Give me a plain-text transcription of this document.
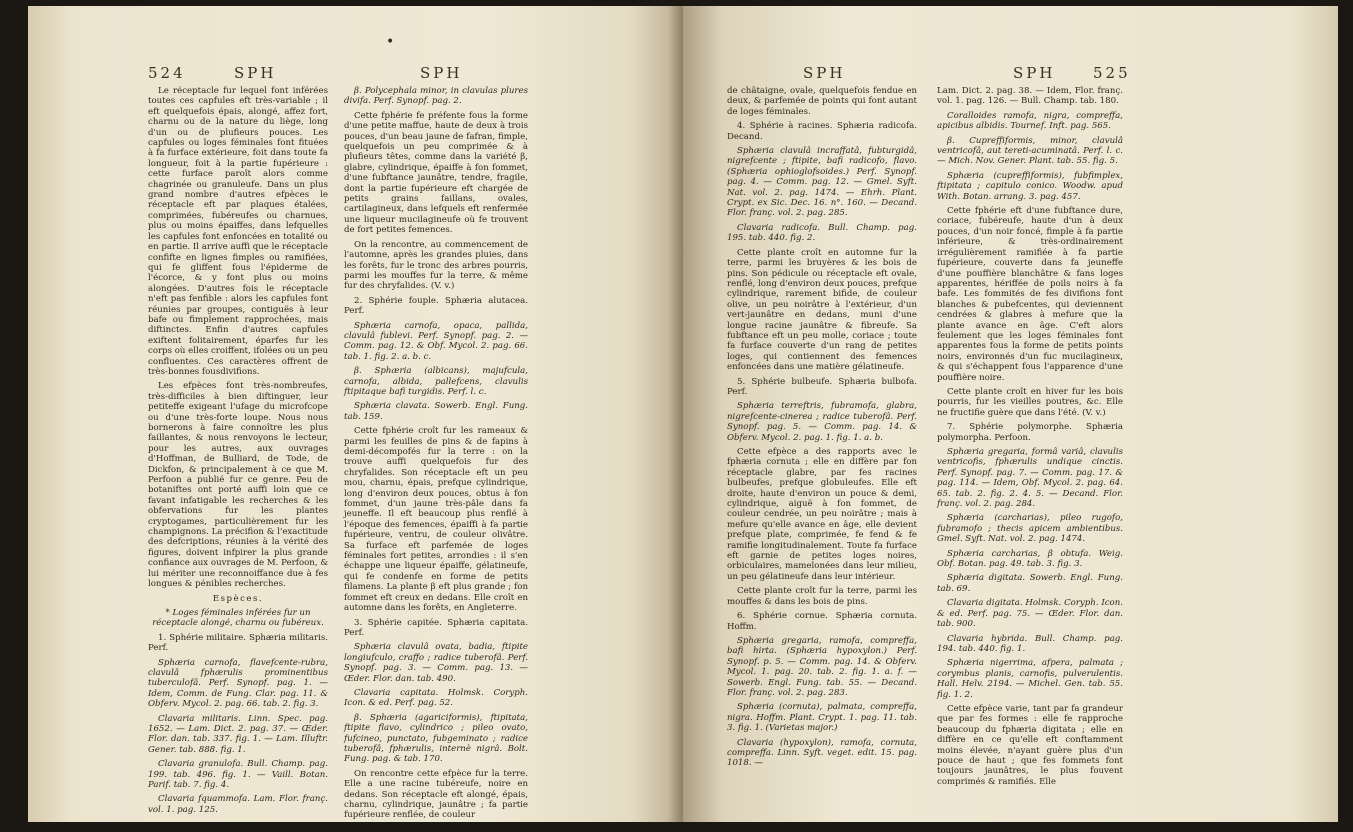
524	SPH	SPH
•

Le réceptacle fur lequel font inférées toutes ces capfules eft très-variable ; il eft quelquefois épais, alongé, affez fort, charnu ou de la nature du liège, long d'un ou de plufieurs pouces. Les capfules ou loges féminales font fituées à fa furface extérieure, foit dans toute fa longueur, foit à la partie fupérieure : cette furface paroît alors comme chagrinée ou granuleufe. Dans un plus grand nombre d'autres efpèces le réceptacle eft par plaques étalées, comprimées, fubéreufes ou charnues, plus ou moins épaiffes, dans lefquelles les capfules font enfoncées en totalité ou en partie. Il arrive auffi que le réceptacle confifte en lignes fimples ou ramifiées, qui fe gliffent fous l'épiderme de l'écorce, & y font plus ou moins alongées. D'autres fois le réceptacle n'eft pas fenfible : alors les capfules font réunies par groupes, contiguës à leur bafe ou fimplement rapprochées, mais diftinctes. Enfin d'autres capfules exiftent folitairement, éparfes fur les corps où elles croiffent, ifolées ou un peu confluentes. Ces caractères offrent de très-bonnes fousdivifions.

Les efpèces font très-nombreufes, très-difficiles à bien diftinguer, leur petiteffe exigeant l'ufage du microfcope ou d'une très-forte loupe. Nous nous bornerons à faire connoître les plus faillantes, & nous renvoyons le lecteur, pour les autres, aux ouvrages d'Hoffman, de Bulliard, de Tode, de Dickfon, & principalement à ce que M. Perfoon a publié fur ce genre. Peu de botaniftes ont porté auffi loin que ce favant infatigable les recherches & les obfervations fur les plantes cryptogames, particulièrement fur les champignons. La précifion & l'exactitude des defcriptions, réunies à la vérité des figures, doivent infpirer la plus grande confiance aux ouvrages de M. Perfoon, & lui mériter une reconnoiffance due à fes longues & pénibles recherches.

Espèces.

* Loges féminales inférées fur un réceptacle alongé, charnu ou fubéreux.

1. Sphérie militaire. Sphæria militaris. Perf.

Sphæria carnofa, flavefcente-rubra, clavulâ fphærulis prominentibus tuberculofâ. Perf. Synopf. pag. 1. — Idem, Comm. de Fung. Clar. pag. 11. & Obferv. Mycol. 2. pag. 66. tab. 2. fig. 3.

Clavaria militaris. Linn. Spec. pag. 1652. — Lam. Dict. 2. pag. 37. — Œder. Flor. dan. tab. 337. fig. 1. — Lam. Illuftr. Gener. tab. 888. fig. 1.

Clavaria granulofa. Bull. Champ. pag. 199. tab. 496. fig. 1. — Vaill. Botan. Parif. tab. 7. fig. 4.

Clavaria fquammofa. Lam. Flor. franç. vol. 1. pag. 125.

β. Polycephala minor, in clavulas plures divifa. Perf. Synopf. pag. 2.

Cette fphérie fe préfente fous la forme d'une petite maffue, haute de deux à trois pouces, d'un beau jaune de fafran, fimple, quelquefois un peu comprimée & à plufieurs têtes, comme dans la variété β, glabre, cylindrique, épaiffe à fon fommet, d'une fubftance jaunâtre, tendre, fragile, dont la partie fupérieure eft chargée de petits grains faillans, ovales, cartilagineux, dans lefquels eft renfermée une liqueur mucilagineufe où fe trouvent de fort petites femences.

On la rencontre, au commencement de l'automne, après les grandes pluies, dans les forêts, fur le tronc des arbres pourris, parmi les mouffes fur la terre, & même fur des chryfalides. (V. v.)

2. Sphérie fouple. Sphæria alutacea. Perf.

Sphæria carnofa, opaca, pallida, clavulâ fublevi. Perf. Synopf. pag. 2. — Comm. pag. 12. & Obf. Mycol. 2. pag. 66. tab. 1. fig. 2. a. b. c.

β. Sphæria (albicans), majufcula, carnofa, albida, pallefcens, clavulis ftipitaque bafi turgidis. Perf. l. c.

Sphæria clavata. Sowerb. Engl. Fung. tab. 159.

Cette fphérie croît fur les rameaux & parmi les feuilles de pins & de fapins à demi-décompofés fur la terre : on la trouve auffi quelquefois fur des chryfalides. Son réceptacle eft un peu mou, charnu, épais, prefque cylindrique, long d'environ deux pouces, obtus à fon fommet, d'un jaune très-pâle dans fa jeuneffe. Il eft beaucoup plus renflé à l'époque des femences, épaiffi à fa partie fupérieure, ventru, de couleur olivâtre. Sa furface eft parfemée de loges féminales fort petites, arrondies : il s'en échappe une liqueur épaiffe, gélatineufe, qui fe condenfe en forme de petits filamens. La plante β eft plus grande ; fon fommet eft creux en dedans. Elle croît en automne dans les forêts, en Angleterre.

3. Sphérie capitée. Sphæria capitata. Perf.

Sphæria clavulâ ovata, badia, ftipite longiufculo, craffo ; radice tuberofâ. Perf. Synopf. pag. 3. — Comm. pag. 13. — Œder. Flor. dan. tab. 490.

Clavaria capitata. Holmsk. Coryph. Icon. & ed. Perf. pag. 52.

β. Sphæria (agariciformis), ftipitata, ftipite flavo, cylindrico ; pileo ovato, fufcineo, punctato, fubgeminato ; radice tuberofâ, fphærulis, internè nigrâ. Bolt. Fung. pag. & tab. 170.

On rencontre cette efpèce fur la terre. Elle a une racine tubéreufe, noire en dedans. Son réceptacle eft alongé, épais, charnu, cylindrique, jaunâtre ; fa partie fupérieure renflée, de couleur

SPH	SPH	525

de châtaigne, ovale, quelquefois fendue en deux, & parfemée de points qui font autant de loges féminales.

4. Sphérie à racines. Sphæria radicofa. Decand.

Sphæria clavulâ incraffatâ, fubturgidâ, nigrefcente ; ftipite, bafi radicofo, flavo. (Sphæria ophioglofsoides.) Perf. Synopf. pag. 4. — Comm. pag. 12. — Gmel. Syft. Nat. vol. 2. pag. 1474. — Ehrh. Plant. Crypt. ex Sic. Dec. 16. n°. 160. — Decand. Flor. franç. vol. 2. pag. 285.

Clavaria radicofa. Bull. Champ. pag. 195. tab. 440. fig. 2.

Cette plante croît en automne fur la terre, parmi les bruyères & les bois de pins. Son pédicule ou réceptacle eft ovale, renflé, long d'environ deux pouces, prefque cylindrique, rarement bifide, de couleur olive, un peu noirâtre à l'extérieur, d'un vert-jaunâtre en dedans, muni d'une longue racine jaunâtre & fibreufe. Sa fubftance eft un peu molle, coriace ; toute fa furface couverte d'un rang de petites loges, qui contiennent des femences enfoncées dans une matière gélatineufe.

5. Sphérie bulbeufe. Sphæria bulbofa. Perf.

Sphæria terreftris, fubramofa, glabra, nigrefcente-cinerea ; radice tuberofâ. Perf. Synopf. pag. 5. — Comm. pag. 14. & Obferv. Mycol. 2. pag. 1. fig. 1. a. b.

Cette efpèce a des rapports avec le fphæria cornuta ; elle en diffère par fon réceptacle glabre, par fes racines bulbeufes, prefque globuleufes. Elle eft droite, haute d'environ un pouce & demi, cylindrique, aiguë à fon fommet, de couleur cendrée, un peu noirâtre ; mais à mefure qu'elle avance en âge, elle devient prefque plate, comprimée, fe fend & fe ramifie longitudinalement. Toute fa furface eft garnie de petites loges noires, orbiculaires, mamelonées dans leur milieu, un peu gélatineufe dans leur intérieur.

Cette plante croît fur la terre, parmi les mouffes & dans les bois de pins.

6. Sphérie cornue. Sphæria cornuta. Hoffm.

Sphæria gregaria, ramofa, compreffa, bafi hirta. (Sphæria hypoxylon.) Perf. Synopf. p. 5. — Comm. pag. 14. & Obferv. Mycol. 1. pag. 20. tab. 2. fig. 1. a. f. — Sowerb. Engl. Fung. tab. 55. — Decand. Flor. franç. vol. 2. pag. 283.

Sphæria (cornuta), palmata, compreffa, nigra. Hoffm. Plant. Crypt. 1. pag. 11. tab. 3. fig. 1. (Varietas major.)

Clavaria (hypoxylon), ramofa, cornuta, compreffa. Linn. Syft. veget. edit. 15. pag. 1018. —

Lam. Dict. 2. pag. 38. — Idem, Flor. franç. vol. 1. pag. 126. — Bull. Champ. tab. 180.

Coralloides ramofa, nigra, compreffa, apicibus albidis. Tournef. Inft. pag. 565.

β. Cupreffiformis, minor, clavulâ ventricofâ, aut tereti-acuminatâ. Perf. l. c. — Mich. Nov. Gener. Plant. tab. 55. fig. 5.

Sphæria (cupreffiformis), fubfimplex, ftipitata ; capitulo conico. Woodw. apud With. Botan. arrang. 3. pag. 457.

Cette fphérie eft d'une fubftance dure, coriace, fubéreufe, haute d'un à deux pouces, d'un noir foncé, fimple à fa partie inférieure, & très-ordinairement irrégulièrement ramifiée à fa partie fupérieure, couverte dans fa jeuneffe d'une pouffière blanchâtre & fans loges apparentes, hériffée de poils noirs à fa bafe. Les fommités de fes divifions font blanches & pubefcentes, qui deviennent cendrées & glabres à mefure que la plante avance en âge. C'eft alors feulement que les loges féminales font apparentes fous la forme de petits points noirs, environnés d'un fuc mucilagineux, & qui s'échappent fous l'apparence d'une pouffière noire.

Cette plante croît en hiver fur les bois pourris, fur les vieilles poutres, &c. Elle ne fructifie guère que dans l'été. (V. v.)

7. Sphérie polymorphe. Sphæria polymorpha. Perfoon.

Sphæria gregaria, formâ variâ, clavulis ventricofis, fphærulis undique cinctis. Perf. Synopf. pag. 7. — Comm. pag. 17. & pag. 114. — Idem, Obf. Mycol. 2. pag. 64. 65. tab. 2. fig. 2. 4. 5. — Decand. Flor. franç. vol. 2. pag. 284.

Sphæria (carcharias), pileo rugofo, fubramofo ; thecis apicem ambientibus. Gmel. Syft. Nat. vol. 2. pag. 1474.

Sphæria carcharias, β obtufa. Weig. Obf. Botan. pag. 49. tab. 3. fig. 3.

Sphæria digitata. Sowerb. Engl. Fung. tab. 69.

Clavaria digitata. Holmsk. Coryph. Icon. & ed. Perf. pag. 75. — Œder. Flor. dan. tab. 900.

Clavaria hybrida. Bull. Champ. pag. 194. tab. 440. fig. 1.

Sphæria nigerrima, afpera, palmata ; corymbus planis, carnofis, pulverulentis. Hall. Helv. 2194. — Michel. Gen. tab. 55. fig. 1. 2.

Cette efpèce varie, tant par fa grandeur que par fes formes : elle fe rapproche beaucoup du fphæria digitata ; elle en diffère en ce qu'elle eft conftamment moins élevée, n'ayant guère plus d'un pouce de haut ; que fes fommets font toujours jaunâtres, le plus fouvent comprimés & ramifiés. Elle
